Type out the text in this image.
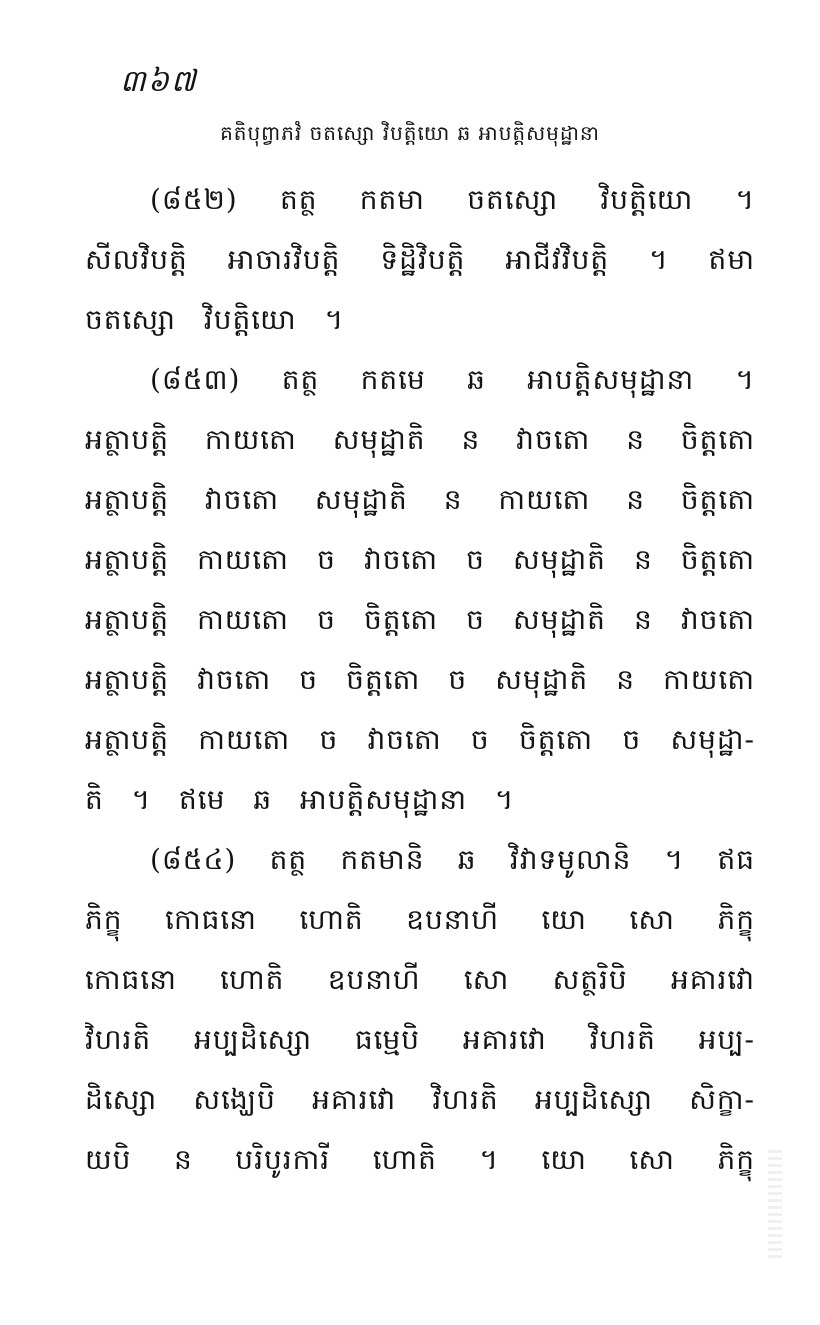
៣៦៧
គតិបុព្វាភវំ ចតស្សោ វិបត្តិយោ ឆ អាបត្តិសមុដ្ឋានា
(៨៥២) តត្ថ កតមា ចតស្សោ វិបត្តិយោ ។
សីលវិបត្តិ អាចារវិបត្តិ ទិដ្ឋិវិបត្តិ អាជីវវិបត្តិ ។ ឥមា
ចតស្សោ វិបត្តិយោ ។
(៨៥៣) តត្ថ កតមេ ឆ អាបត្តិសមុដ្ឋានា ។
អត្ថាបត្តិ កាយតោ សមុដ្ឋាតិ ន វាចតោ ន ចិត្តតោ
អត្ថាបត្តិ វាចតោ សមុដ្ឋាតិ ន កាយតោ ន ចិត្តតោ
អត្ថាបត្តិ កាយតោ ច វាចតោ ច សមុដ្ឋាតិ ន ចិត្តតោ
អត្ថាបត្តិ កាយតោ ច ចិត្តតោ ច សមុដ្ឋាតិ ន វាចតោ
អត្ថាបត្តិ វាចតោ ច ចិត្តតោ ច សមុដ្ឋាតិ ន កាយតោ
អត្ថាបត្តិ កាយតោ ច វាចតោ ច ចិត្តតោ ច សមុដ្ឋា-
តិ ។ ឥមេ ឆ អាបត្តិសមុដ្ឋានា ។
(៨៥៤) តត្ថ កតមានិ ឆ វិវាទមូលានិ ។ ឥធ
ភិក្ខុ កោធនោ ហោតិ ឧបនាហី យោ សោ ភិក្ខុ
កោធនោ ហោតិ ឧបនាហី សោ សត្ថរិបិ អគារវោ
វិហរតិ អប្បដិស្សោ ធម្មេបិ អគារវោ វិហរតិ អប្ប-
ដិស្សោ សង្ឃេបិ អគារវោ វិហរតិ អប្បដិស្សោ សិក្ខា-
យបិ ន បរិបូរការី ហោតិ ។ យោ សោ ភិក្ខុ
